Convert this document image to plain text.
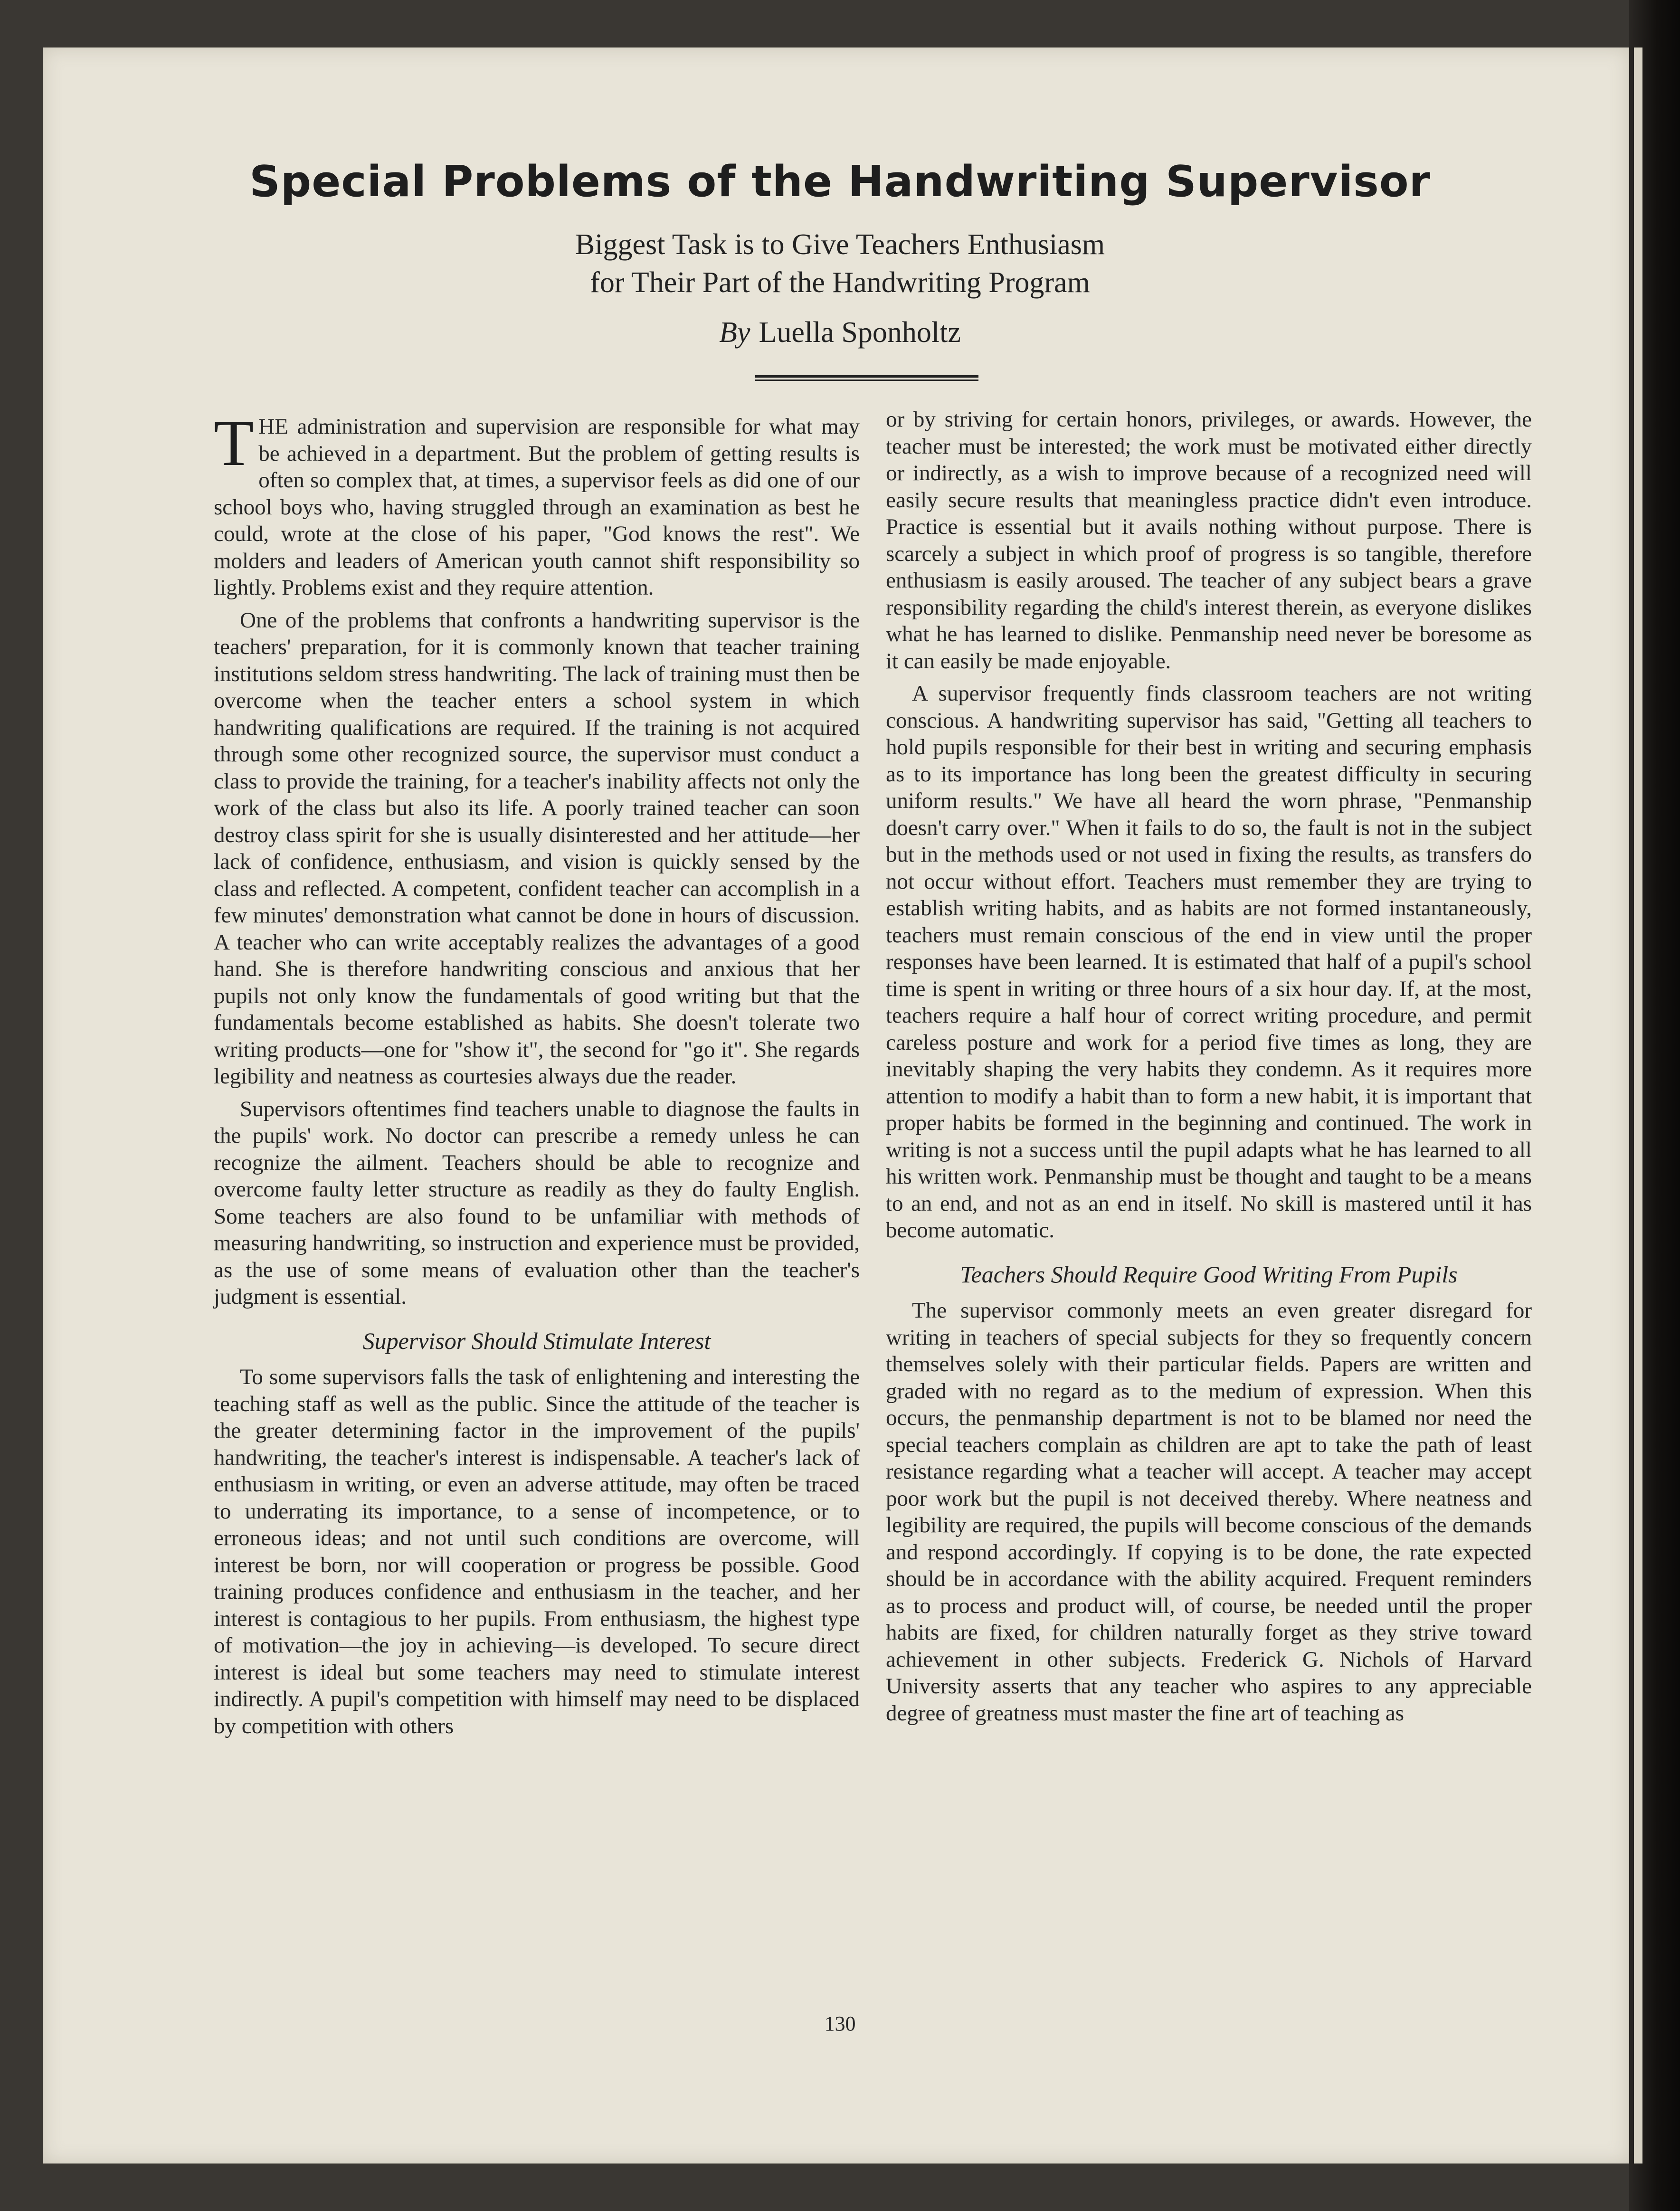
Special Problems of the Handwriting Supervisor
Biggest Task is to Give Teachers Enthusiasm
for Their Part of the Handwriting Program
By Luella Sponholtz

THE administration and supervision are responsible for what may be achieved in a department. But the problem of getting results is often so complex that, at times, a supervisor feels as did one of our school boys who, having struggled through an examination as best he could, wrote at the close of his paper, "God knows the rest". We molders and leaders of American youth cannot shift responsibility so lightly. Problems exist and they require attention.

One of the problems that confronts a handwriting supervisor is the teachers' preparation, for it is commonly known that teacher training institutions seldom stress handwriting. The lack of training must then be overcome when the teacher enters a school system in which handwriting qualifications are required. If the training is not acquired through some other recognized source, the supervisor must conduct a class to provide the training, for a teacher's inability affects not only the work of the class but also its life. A poorly trained teacher can soon destroy class spirit for she is usually disinterested and her attitude—her lack of confidence, enthusiasm, and vision is quickly sensed by the class and reflected. A competent, confident teacher can accomplish in a few minutes' demonstration what cannot be done in hours of discussion. A teacher who can write acceptably realizes the advantages of a good hand. She is therefore handwriting conscious and anxious that her pupils not only know the fundamentals of good writing but that the fundamentals become established as habits. She doesn't tolerate two writing products—one for "show it", the second for "go it". She regards legibility and neatness as courtesies always due the reader.

Supervisors oftentimes find teachers unable to diagnose the faults in the pupils' work. No doctor can prescribe a remedy unless he can recognize the ailment. Teachers should be able to recognize and overcome faulty letter structure as readily as they do faulty English. Some teachers are also found to be unfamiliar with methods of measuring handwriting, so instruction and experience must be provided, as the use of some means of evaluation other than the teacher's judgment is essential.

Supervisor Should Stimulate Interest

To some supervisors falls the task of enlightening and interesting the teaching staff as well as the public. Since the attitude of the teacher is the greater determining factor in the improvement of the pupils' handwriting, the teacher's interest is indispensable. A teacher's lack of enthusiasm in writing, or even an adverse attitude, may often be traced to underrating its importance, to a sense of incompetence, or to erroneous ideas; and not until such conditions are overcome, will interest be born, nor will cooperation or progress be possible. Good training produces confidence and enthusiasm in the teacher, and her interest is contagious to her pupils. From enthusiasm, the highest type of motivation—the joy in achieving—is developed. To secure direct interest is ideal but some teachers may need to stimulate interest indirectly. A pupil's competition with himself may need to be displaced by competition with others

or by striving for certain honors, privileges, or awards. However, the teacher must be interested; the work must be motivated either directly or indirectly, as a wish to improve because of a recognized need will easily secure results that meaningless practice didn't even introduce. Practice is essential but it avails nothing without purpose. There is scarcely a subject in which proof of progress is so tangible, therefore enthusiasm is easily aroused. The teacher of any subject bears a grave responsibility regarding the child's interest therein, as everyone dislikes what he has learned to dislike. Penmanship need never be boresome as it can easily be made enjoyable.

A supervisor frequently finds classroom teachers are not writing conscious. A handwriting supervisor has said, "Getting all teachers to hold pupils responsible for their best in writing and securing emphasis as to its importance has long been the greatest difficulty in securing uniform results." We have all heard the worn phrase, "Penmanship doesn't carry over." When it fails to do so, the fault is not in the subject but in the methods used or not used in fixing the results, as transfers do not occur without effort. Teachers must remember they are trying to establish writing habits, and as habits are not formed instantaneously, teachers must remain conscious of the end in view until the proper responses have been learned. It is estimated that half of a pupil's school time is spent in writing or three hours of a six hour day. If, at the most, teachers require a half hour of correct writing procedure, and permit careless posture and work for a period five times as long, they are inevitably shaping the very habits they condemn. As it requires more attention to modify a habit than to form a new habit, it is important that proper habits be formed in the beginning and continued. The work in writing is not a success until the pupil adapts what he has learned to all his written work. Penmanship must be thought and taught to be a means to an end, and not as an end in itself. No skill is mastered until it has become automatic.

Teachers Should Require Good Writing From Pupils

The supervisor commonly meets an even greater disregard for writing in teachers of special subjects for they so frequently concern themselves solely with their particular fields. Papers are written and graded with no regard as to the medium of expression. When this occurs, the penmanship department is not to be blamed nor need the special teachers complain as children are apt to take the path of least resistance regarding what a teacher will accept. A teacher may accept poor work but the pupil is not deceived thereby. Where neatness and legibility are required, the pupils will become conscious of the demands and respond accordingly. If copying is to be done, the rate expected should be in accordance with the ability acquired. Frequent reminders as to process and product will, of course, be needed until the proper habits are fixed, for children naturally forget as they strive toward achievement in other subjects. Frederick G. Nichols of Harvard University asserts that any teacher who aspires to any appreciable degree of greatness must master the fine art of teaching as

130
